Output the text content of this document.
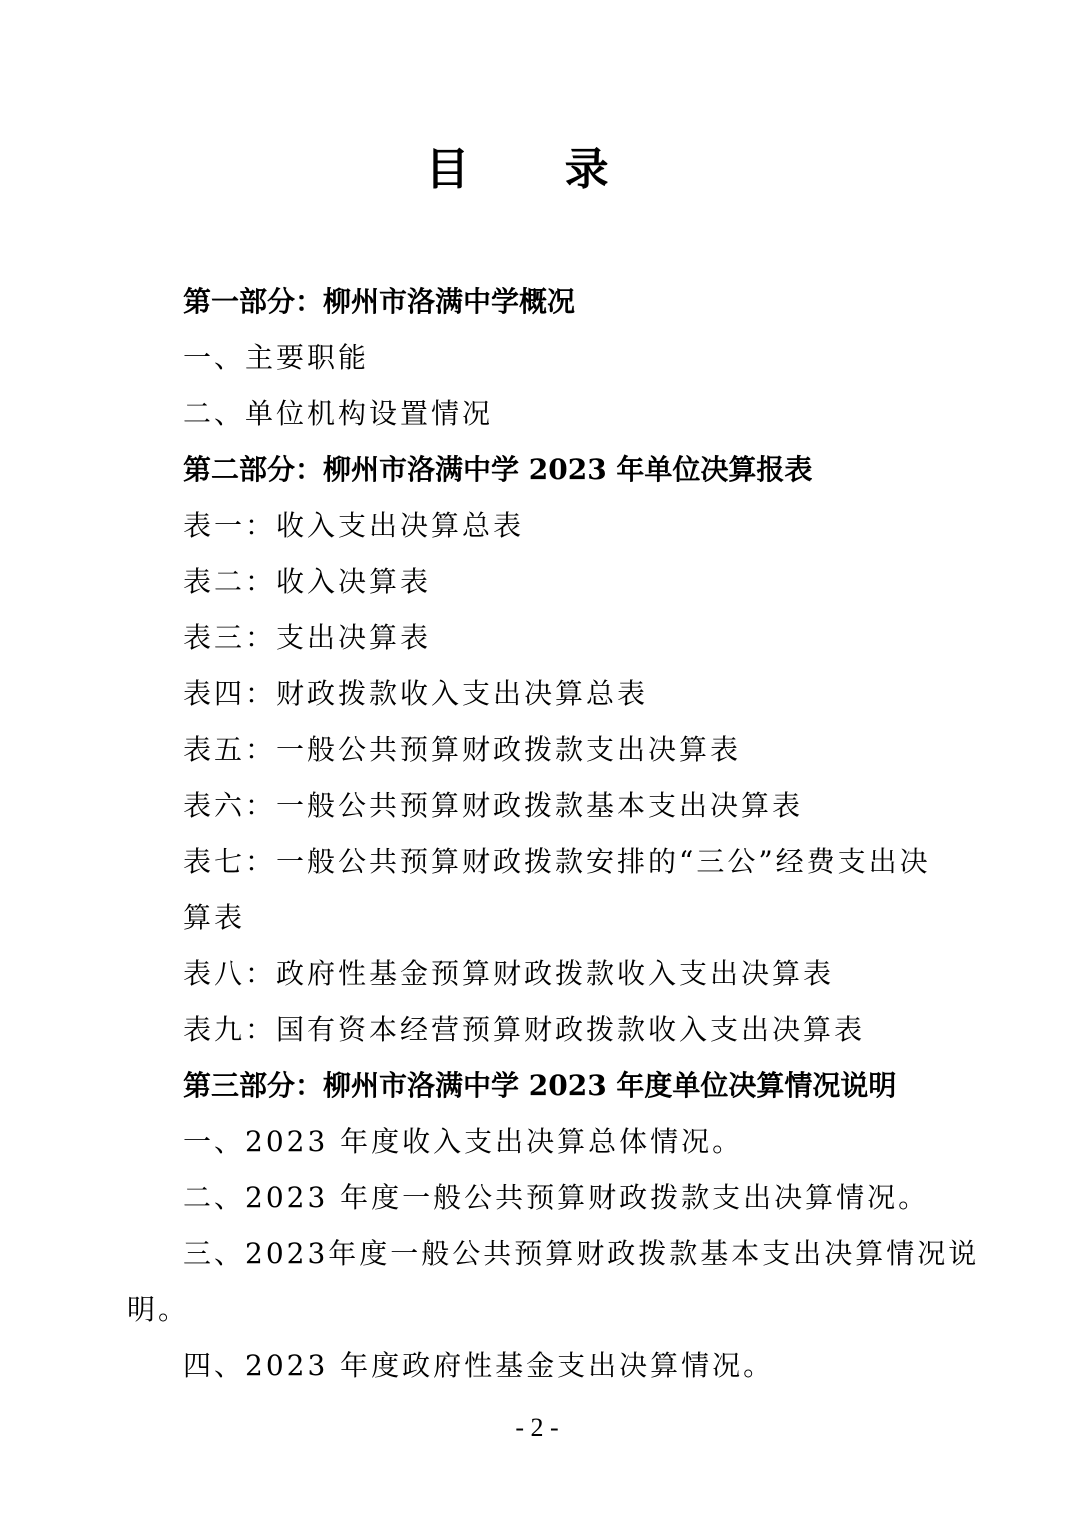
目 录
第一部分：柳州市洛满中学概况
一、主要职能
二、单位机构设置情况
第二部分：柳州市洛满中学 2023 年单位决算报表
表一：收入支出决算总表
表二：收入决算表
表三：支出决算表
表四：财政拨款收入支出决算总表
表五：一般公共预算财政拨款支出决算表
表六：一般公共预算财政拨款基本支出决算表
表七：一般公共预算财政拨款安排的“三公”经费支出决
算表
表八：政府性基金预算财政拨款收入支出决算表
表九：国有资本经营预算财政拨款收入支出决算表
第三部分：柳州市洛满中学 2023 年度单位决算情况说明
一、2023 年度收入支出决算总体情况。
二、2023 年度一般公共预算财政拨款支出决算情况。
三、2023年度一般公共预算财政拨款基本支出决算情况说
明。
四、2023 年度政府性基金支出决算情况。
- 2 -
